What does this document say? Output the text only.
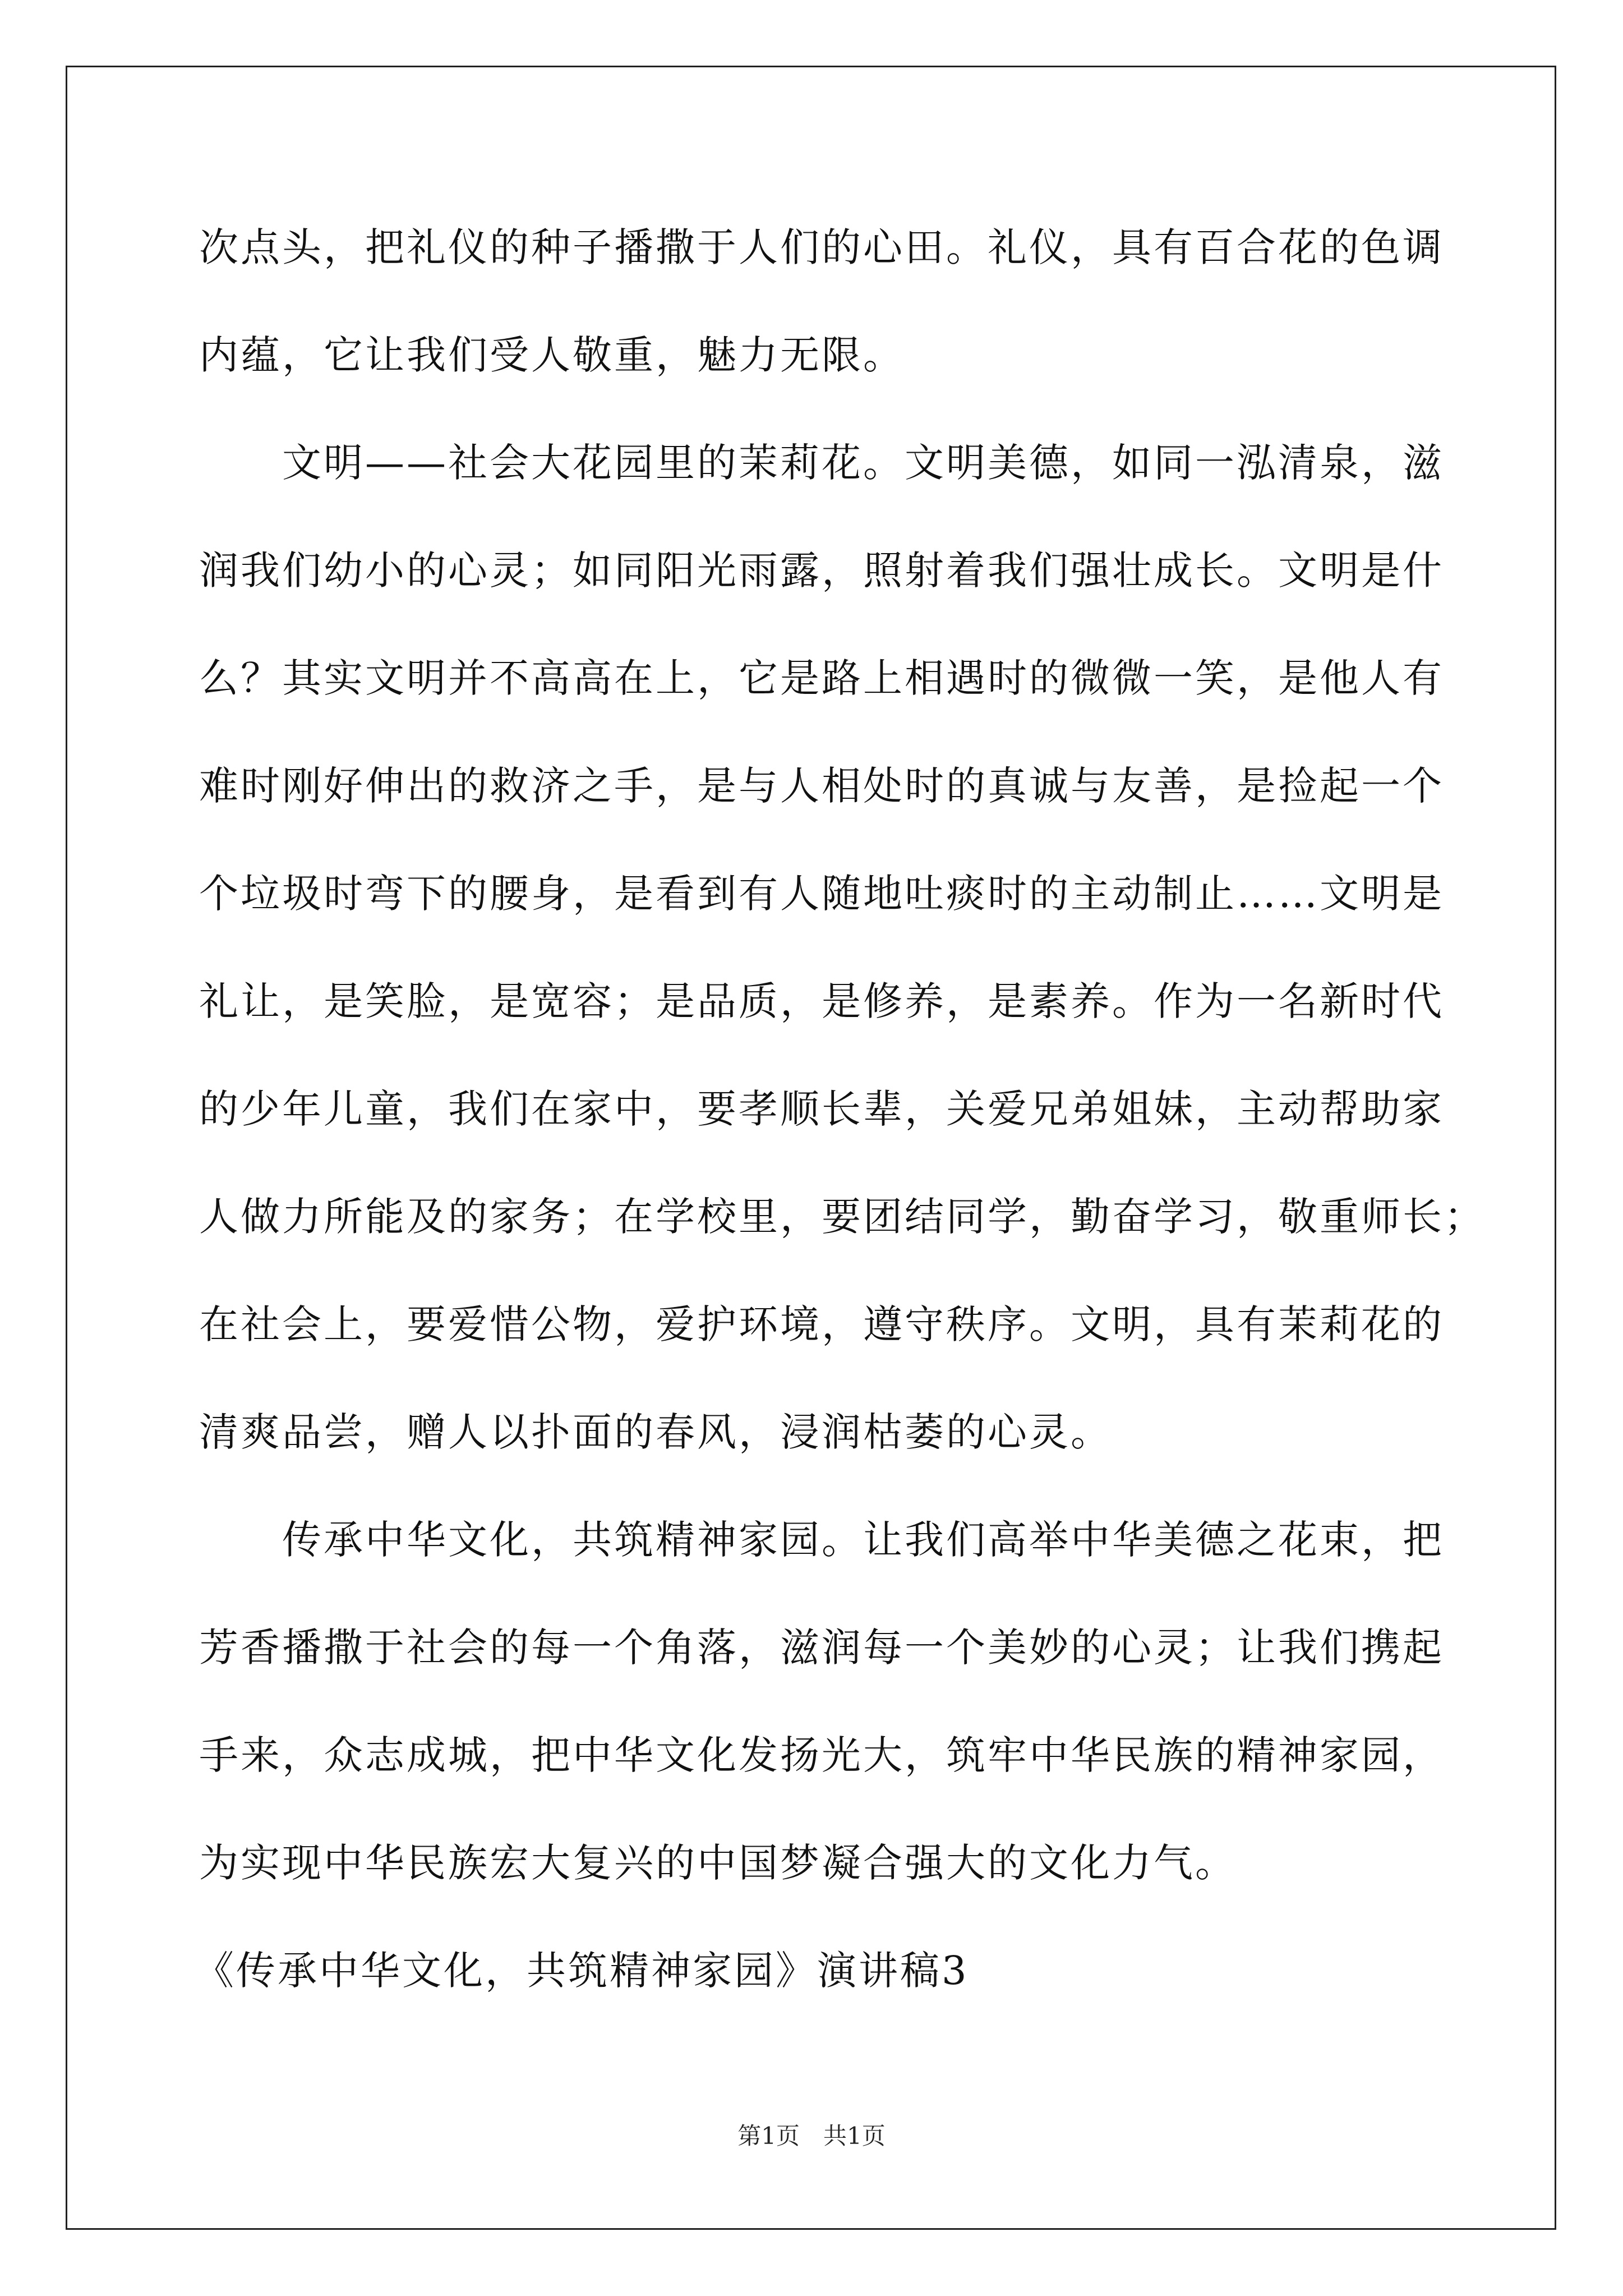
次点头，把礼仪的种子播撒于人们的心田。礼仪，具有百合花的色调
内蕴，它让我们受人敬重，魅力无限。
　　文明——社会大花园里的茉莉花。文明美德，如同一泓清泉，滋
润我们幼小的心灵；如同阳光雨露，照射着我们强壮成长。文明是什
么？其实文明并不高高在上，它是路上相遇时的微微一笑，是他人有
难时刚好伸出的救济之手，是与人相处时的真诚与友善，是捡起一个
个垃圾时弯下的腰身，是看到有人随地吐痰时的主动制止……文明是
礼让，是笑脸，是宽容；是品质，是修养，是素养。作为一名新时代
的少年儿童，我们在家中，要孝顺长辈，关爱兄弟姐妹，主动帮助家
人做力所能及的家务；在学校里，要团结同学，勤奋学习，敬重师长；
在社会上，要爱惜公物，爱护环境，遵守秩序。文明，具有茉莉花的
清爽品尝，赠人以扑面的春风，浸润枯萎的心灵。
　　传承中华文化，共筑精神家园。让我们高举中华美德之花束，把
芳香播撒于社会的每一个角落，滋润每一个美妙的心灵；让我们携起
手来，众志成城，把中华文化发扬光大，筑牢中华民族的精神家园，
为实现中华民族宏大复兴的中国梦凝合强大的文化力气。
《传承中华文化，共筑精神家园》演讲稿3
第1页　共1页
